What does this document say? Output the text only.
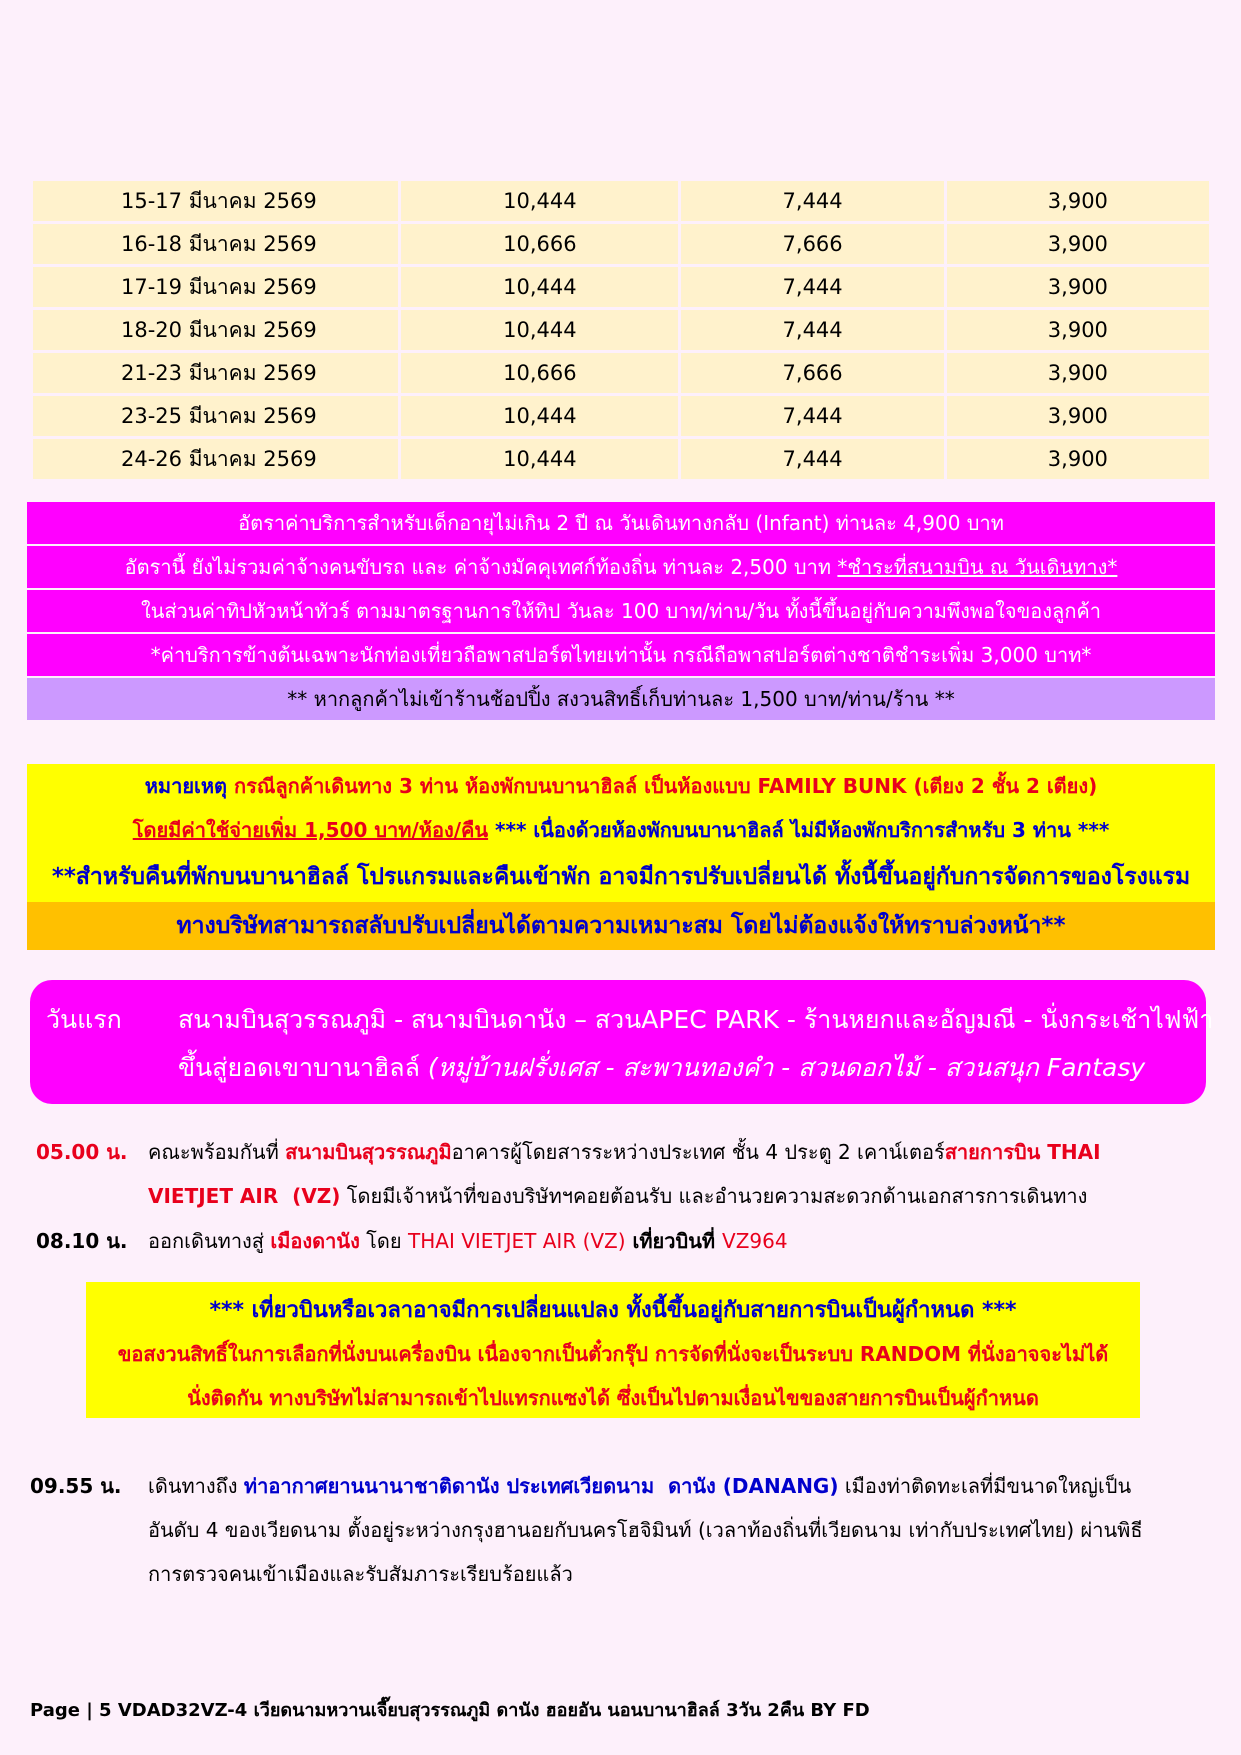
15-17 มีนาคม 2569	10,444	7,444	3,900
16-18 มีนาคม 2569	10,666	7,666	3,900
17-19 มีนาคม 2569	10,444	7,444	3,900
18-20 มีนาคม 2569	10,444	7,444	3,900
21-23 มีนาคม 2569	10,666	7,666	3,900
23-25 มีนาคม 2569	10,444	7,444	3,900
24-26 มีนาคม 2569	10,444	7,444	3,900
อัตราค่าบริการสำหรับเด็กอายุไม่เกิน 2 ปี ณ วันเดินทางกลับ (Infant) ท่านละ 4,900 บาท
อัตรานี้ ยังไม่รวมค่าจ้างคนขับรถ และ ค่าจ้างมัคคุเทศก์ท้องถิ่น ท่านละ 2,500 บาท *ชำระที่สนามบิน ณ วันเดินทาง*
ในส่วนค่าทิปหัวหน้าทัวร์ ตามมาตรฐานการให้ทิป วันละ 100 บาท/ท่าน/วัน ทั้งนี้ขึ้นอยู่กับความพึงพอใจของลูกค้า
*ค่าบริการข้างต้นเฉพาะนักท่องเที่ยวถือพาสปอร์ตไทยเท่านั้น กรณีถือพาสปอร์ตต่างชาติชำระเพิ่ม 3,000 บาท*
** หากลูกค้าไม่เข้าร้านช้อปปิ้ง สงวนสิทธิ์เก็บท่านละ 1,500 บาท/ท่าน/ร้าน **
หมายเหตุ กรณีลูกค้าเดินทาง 3 ท่าน ห้องพักบนบานาฮิลล์ เป็นห้องแบบ FAMILY BUNK (เตียง 2 ชั้น 2 เตียง)
โดยมีค่าใช้จ่ายเพิ่ม 1,500 บาท/ห้อง/คืน *** เนื่องด้วยห้องพักบนบานาฮิลล์ ไม่มีห้องพักบริการสำหรับ 3 ท่าน ***
**สำหรับคืนที่พักบนบานาฮิลล์ โปรแกรมและคืนเข้าพัก อาจมีการปรับเปลี่ยนได้ ทั้งนี้ขึ้นอยู่กับการจัดการของโรงแรม
ทางบริษัทสามารถสลับปรับเปลี่ยนได้ตามความเหมาะสม โดยไม่ต้องแจ้งให้ทราบล่วงหน้า**
วันแรก สนามบินสุวรรณภูมิ - สนามบินดานัง – สวนAPEC PARK - ร้านหยกและอัญมณี - นั่งกระเช้าไฟฟ้า
ขึ้นสู่ยอดเขาบานาฮิลล์ (หมู่บ้านฝรั่งเศส - สะพานทองคำ - สวนดอกไม้ - สวนสนุก Fantasy
05.00 น. คณะพร้อมกันที่ สนามบินสุวรรณภูมิอาคารผู้โดยสารระหว่างประเทศ ชั้น 4 ประตู 2 เคาน์เตอร์สายการบิน THAI
VIETJET AIR  (VZ) โดยมีเจ้าหน้าที่ของบริษัทฯคอยต้อนรับ และอำนวยความสะดวกด้านเอกสารการเดินทาง
08.10 น. ออกเดินทางสู่ เมืองดานัง โดย THAI VIETJET AIR (VZ) เที่ยวบินที่ VZ964
*** เที่ยวบินหรือเวลาอาจมีการเปลี่ยนแปลง ทั้งนี้ขึ้นอยู่กับสายการบินเป็นผู้กำหนด ***
ขอสงวนสิทธิ์ในการเลือกที่นั่งบนเครื่องบิน เนื่องจากเป็นตั๋วกรุ๊ป การจัดที่นั่งจะเป็นระบบ RANDOM ที่นั่งอาจจะไม่ได้
นั่งติดกัน ทางบริษัทไม่สามารถเข้าไปแทรกแซงได้ ซึ่งเป็นไปตามเงื่อนไขของสายการบินเป็นผู้กำหนด
09.55 น. เดินทางถึง ท่าอากาศยานนานาชาติดานัง ประเทศเวียดนาม  ดานัง (DANANG) เมืองท่าติดทะเลที่มีขนาดใหญ่เป็น
อันดับ 4 ของเวียดนาม ตั้งอยู่ระหว่างกรุงฮานอยกับนครโฮจิมินท์ (เวลาท้องถิ่นที่เวียดนาม เท่ากับประเทศไทย) ผ่านพิธี
การตรวจคนเข้าเมืองและรับสัมภาระเรียบร้อยแล้ว
Page | 5 VDAD32VZ-4 เวียดนามหวานเจี๊ยบสุวรรณภูมิ ดานัง ฮอยอัน นอนบานาฮิลล์ 3วัน 2คืน BY FD
